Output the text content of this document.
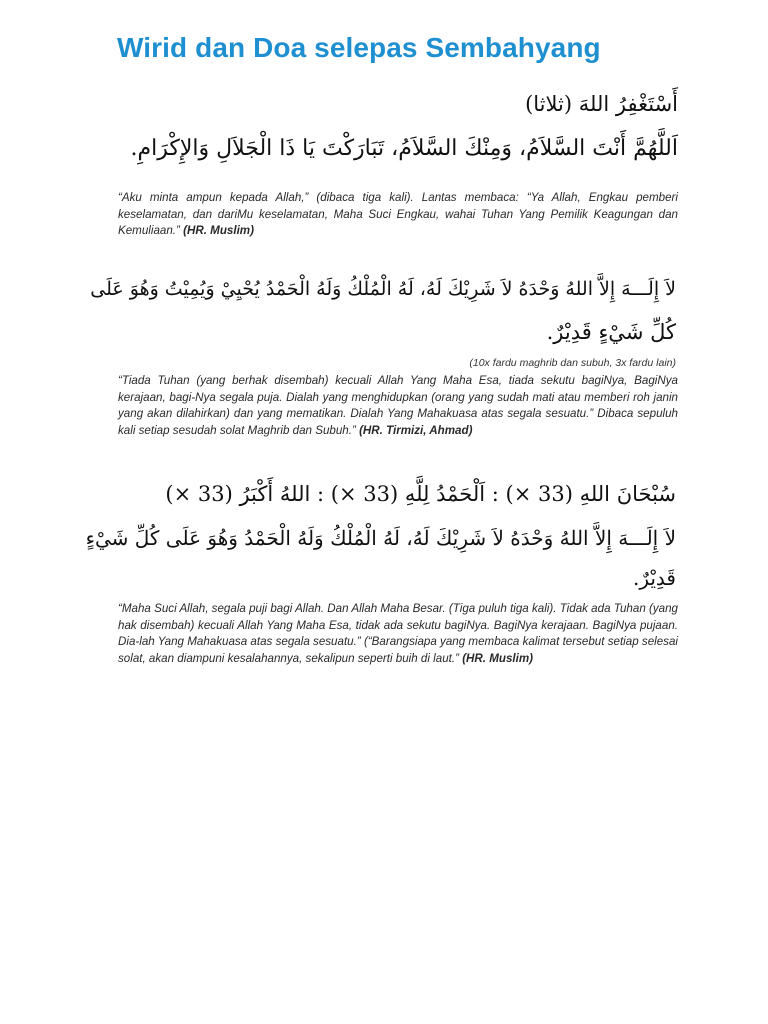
Wirid dan Doa selepas Sembahyang
أَسْتَغْفِرُ اللهَ (ثلاثا)
اَللَّهُمَّ أَنْتَ السَّلاَمُ، وَمِنْكَ السَّلاَمُ، تَبَارَكْتَ يَا ذَا الْجَلاَلِ وَالإِكْرَامِ.

“Aku minta ampun kepada Allah,” (dibaca tiga kali). Lantas membaca: “Ya Allah, Engkau pemberi keselamatan, dan dariMu keselamatan, Maha Suci Engkau, wahai Tuhan Yang Pemilik Keagungan dan Kemuliaan.” (HR. Muslim)

لاَ إِلَـــهَ إِلاَّ اللهُ وَحْدَهُ لاَ شَرِيْكَ لَهُ، لَهُ الْمُلْكُ وَلَهُ الْحَمْدُ يُحْيِيْ وَيُمِيْتُ وَهُوَ عَلَى
كُلِّ شَيْءٍ قَدِيْرٌ.
(10x fardu maghrib dan subuh, 3x fardu lain)

“Tiada Tuhan (yang berhak disembah) kecuali Allah Yang Maha Esa, tiada sekutu bagiNya, BagiNya kerajaan, bagi-Nya segala puja. Dialah yang menghidupkan (orang yang sudah mati atau memberi roh janin yang akan dilahirkan) dan yang mematikan. Dialah Yang Mahakuasa atas segala sesuatu.” Dibaca sepuluh kali setiap sesudah solat Maghrib dan Subuh.” (HR. Tirmizi, Ahmad)

سُبْحَانَ اللهِ (33 ×) : اَلْحَمْدُ لِلَّهِ (33 ×) : اللهُ أَكْبَرُ (33 ×)
لاَ إِلَـــهَ إِلاَّ اللهُ وَحْدَهُ لاَ شَرِيْكَ لَهُ، لَهُ الْمُلْكُ وَلَهُ الْحَمْدُ وَهُوَ عَلَى كُلِّ شَيْءٍ
قَدِيْرٌ.

“Maha Suci Allah, segala puji bagi Allah. Dan Allah Maha Besar. (Tiga puluh tiga kali). Tidak ada Tuhan (yang hak disembah) kecuali Allah Yang Maha Esa, tidak ada sekutu bagiNya. BagiNya kerajaan. BagiNya pujaan. Dia-lah Yang Mahakuasa atas segala sesuatu.” (“Barangsiapa yang membaca kalimat tersebut setiap selesai solat, akan diampuni kesalahannya, sekalipun seperti buih di laut.” (HR. Muslim)
